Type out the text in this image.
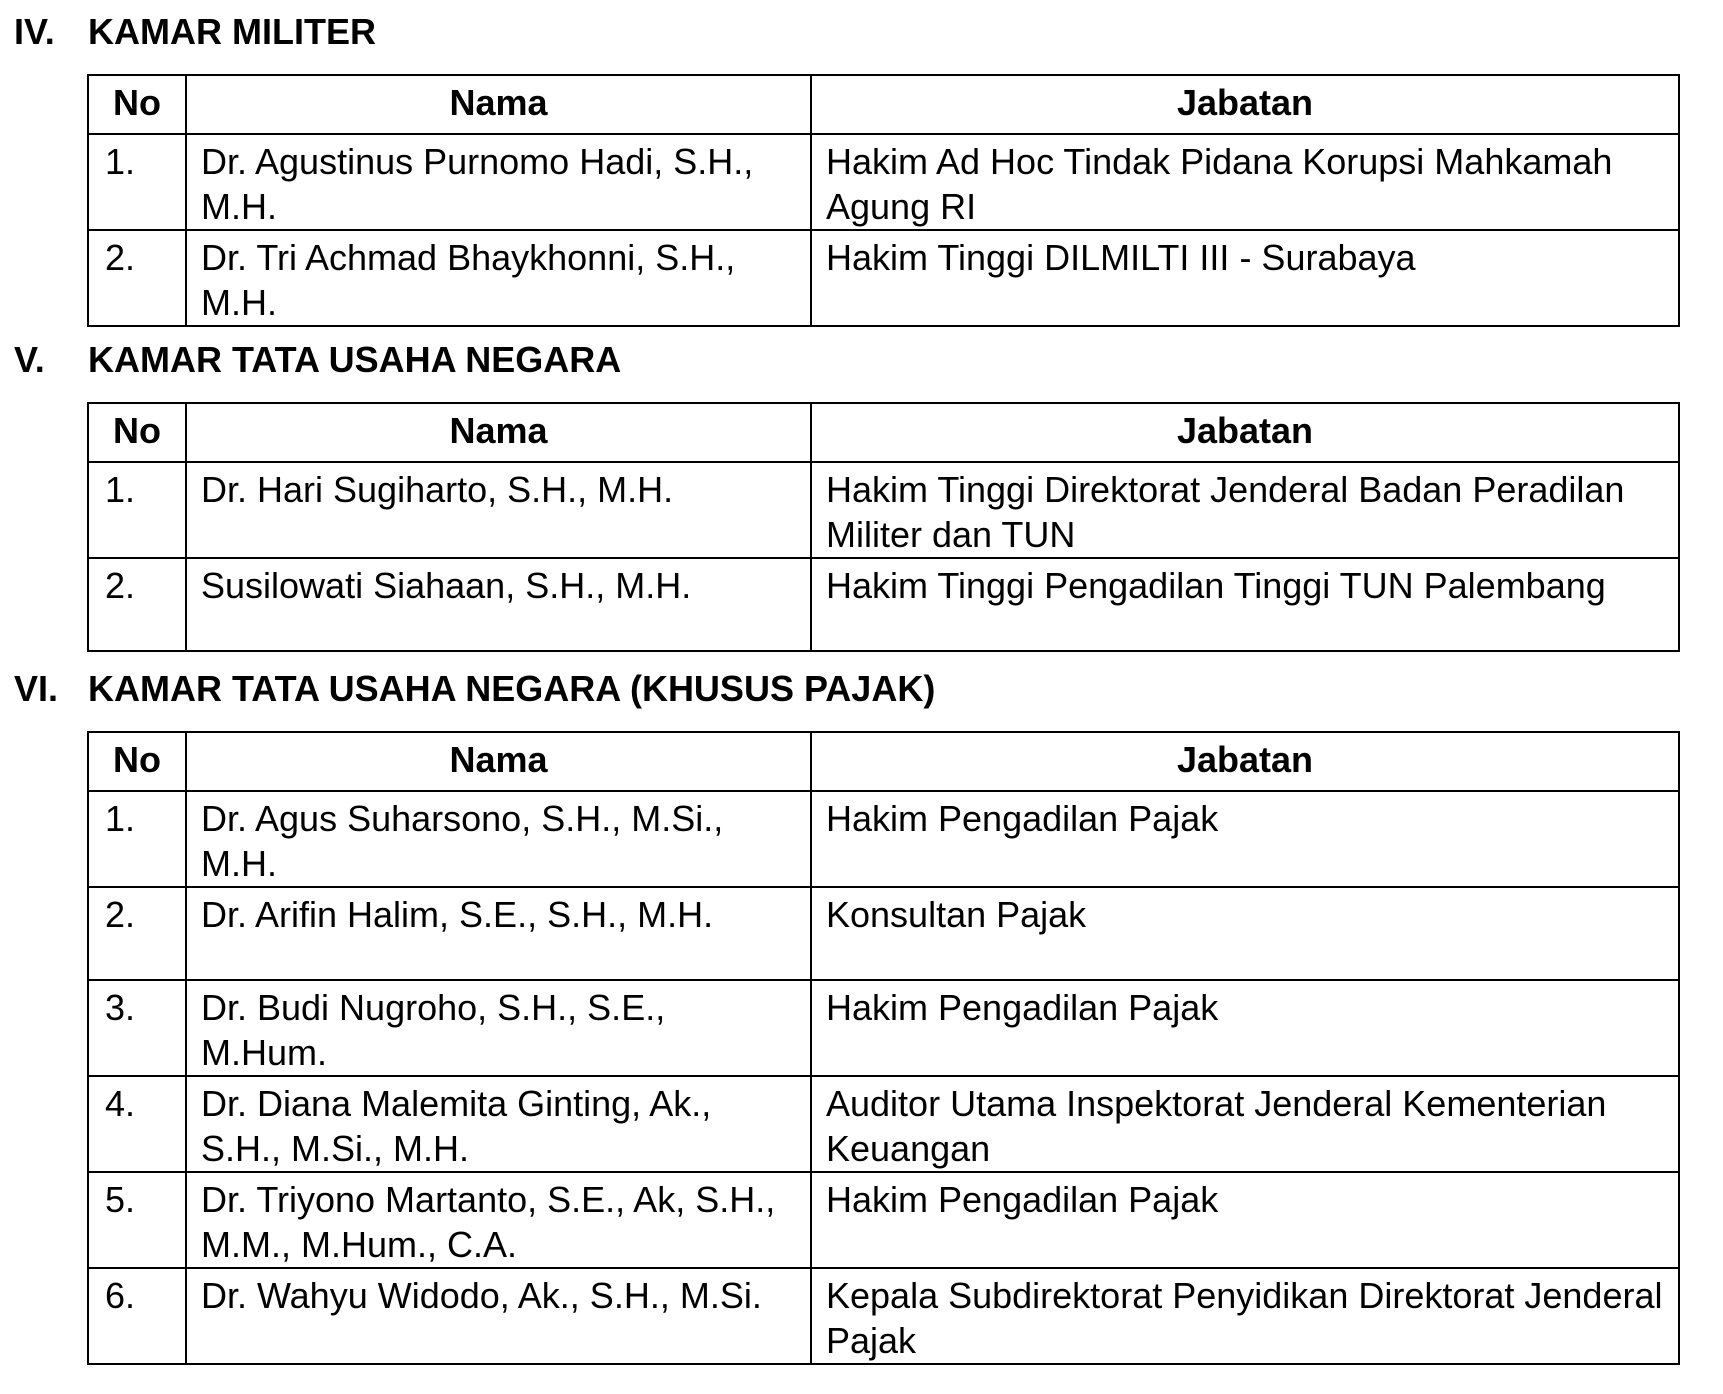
IV. KAMAR MILITER
No	Nama	Jabatan
1.	Dr. Agustinus Purnomo Hadi, S.H., M.H.	Hakim Ad Hoc Tindak Pidana Korupsi Mahkamah Agung RI
2.	Dr. Tri Achmad Bhaykhonni, S.H., M.H.	Hakim Tinggi DILMILTI III - Surabaya
V.	KAMAR TATA USAHA NEGARA
No	Nama	Jabatan
1.	Dr. Hari Sugiharto, S.H., M.H.	Hakim Tinggi Direktorat Jenderal Badan Peradilan Militer dan TUN
2.	Susilowati Siahaan, S.H., M.H.	Hakim Tinggi Pengadilan Tinggi TUN Palembang
VI. KAMAR TATA USAHA NEGARA (KHUSUS PAJAK)
No	Nama	Jabatan
1.	Dr. Agus Suharsono, S.H., M.Si., M.H.	Hakim Pengadilan Pajak
2.	Dr. Arifin Halim, S.E., S.H., M.H.	Konsultan Pajak
3.	Dr. Budi Nugroho, S.H., S.E., M.Hum.	Hakim Pengadilan Pajak
4.	Dr. Diana Malemita Ginting, Ak., S.H., M.Si., M.H.	Auditor Utama Inspektorat Jenderal Kementerian Keuangan
5.	Dr. Triyono Martanto, S.E., Ak, S.H., M.M., M.Hum., C.A.	Hakim Pengadilan Pajak
6.	Dr. Wahyu Widodo, Ak., S.H., M.Si.	Kepala Subdirektorat Penyidikan Direktorat Jenderal Pajak
